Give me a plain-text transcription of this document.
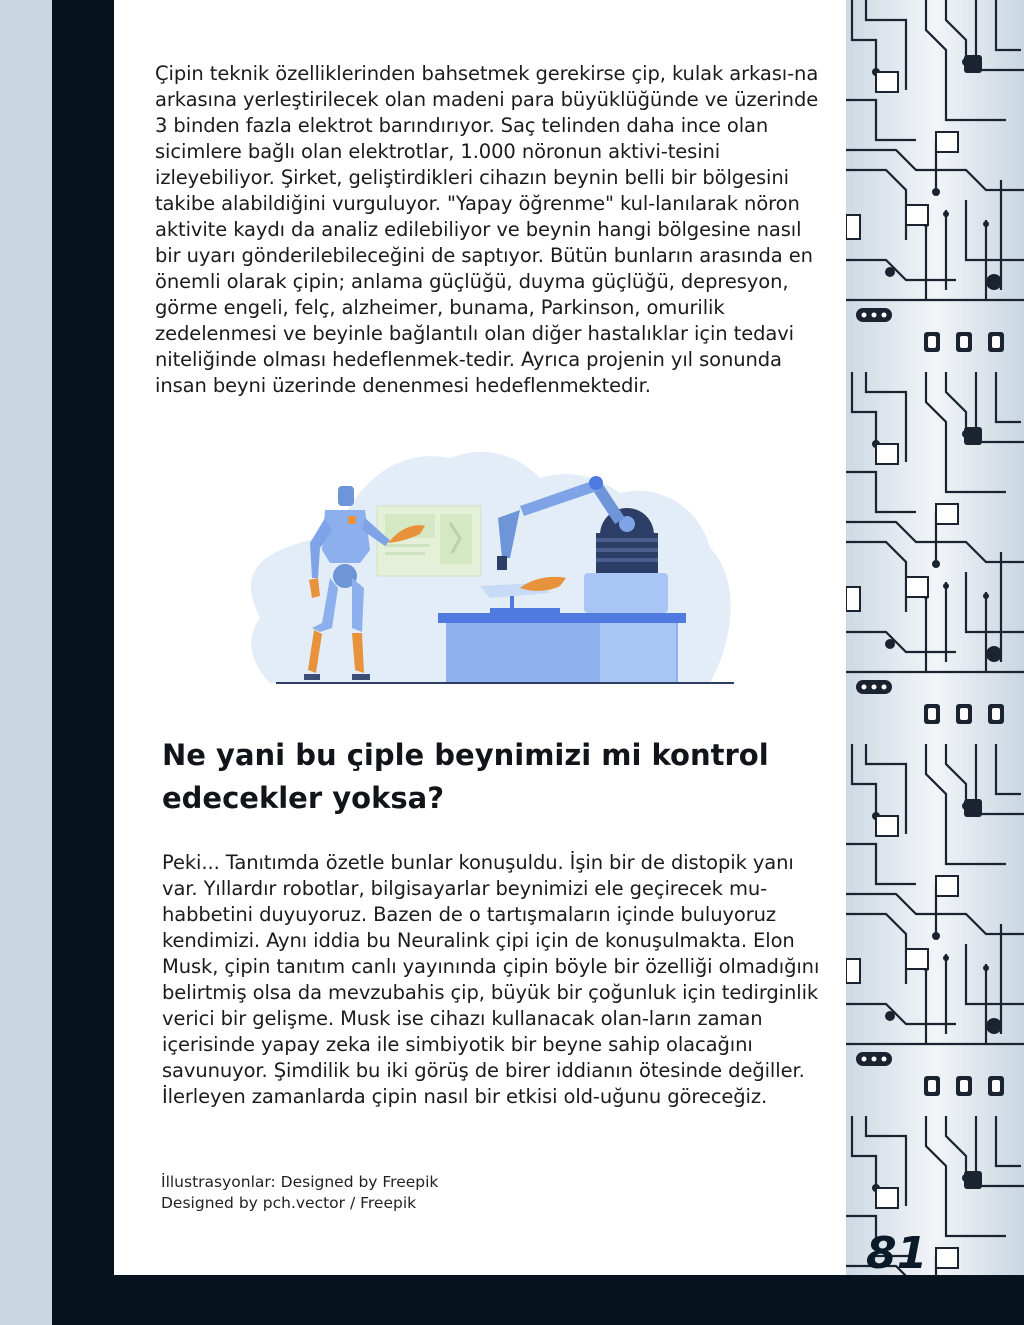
Çipin teknik özelliklerinden bahsetmek gerekirse çip, kulak arkası-na arkasına yerleştirilecek olan madeni para büyüklüğünde ve üzerinde 3 binden fazla elektrot barındırıyor. Saç telinden daha ince olan sicimlere bağlı olan elektrotlar, 1.000 nöronun aktivi-tesini izleyebiliyor. Şirket, geliştirdikleri cihazın beynin belli bir bölgesini takibe alabildiğini vurguluyor. "Yapay öğrenme" kul-lanılarak nöron aktivite kaydı da analiz edilebiliyor ve beynin hangi bölgesine nasıl bir uyarı gönderilebileceğini de saptıyor. Bütün bunların arasında en önemli olarak çipin; anlama güçlüğü, duyma güçlüğü, depresyon, görme engeli, felç, alzheimer, bunama, Parkinson, omurilik zedelenmesi ve beyinle bağlantılı olan diğer hastalıklar için tedavi niteliğinde olması hedeflenmek-tedir. Ayrıca projenin yıl sonunda insan beyni üzerinde denenmesi hedeflenmektedir.

Ne yani bu çiple beynimizi mi kontrol edecekler yoksa?

Peki... Tanıtımda özetle bunlar konuşuldu. İşin bir de distopik yanı var. Yıllardır robotlar, bilgisayarlar beynimizi ele geçirecek mu-habbetini duyuyoruz. Bazen de o tartışmaların içinde buluyoruz kendimizi. Aynı iddia bu Neuralink çipi için de konuşulmakta. Elon Musk, çipin tanıtım canlı yayınında çipin böyle bir özelliği olmadığını belirtmiş olsa da mevzubahis çip, büyük bir çoğunluk için tedirginlik verici bir gelişme. Musk ise cihazı kullanacak olan-ların zaman içerisinde yapay zeka ile simbiyotik bir beyne sahip olacağını savunuyor. Şimdilik bu iki görüş de birer iddianın ötesinde değiller. İlerleyen zamanlarda çipin nasıl bir etkisi old-uğunu göreceğiz.

İllustrasyonlar: Designed by Freepik
Designed by pch.vector / Freepik
81
